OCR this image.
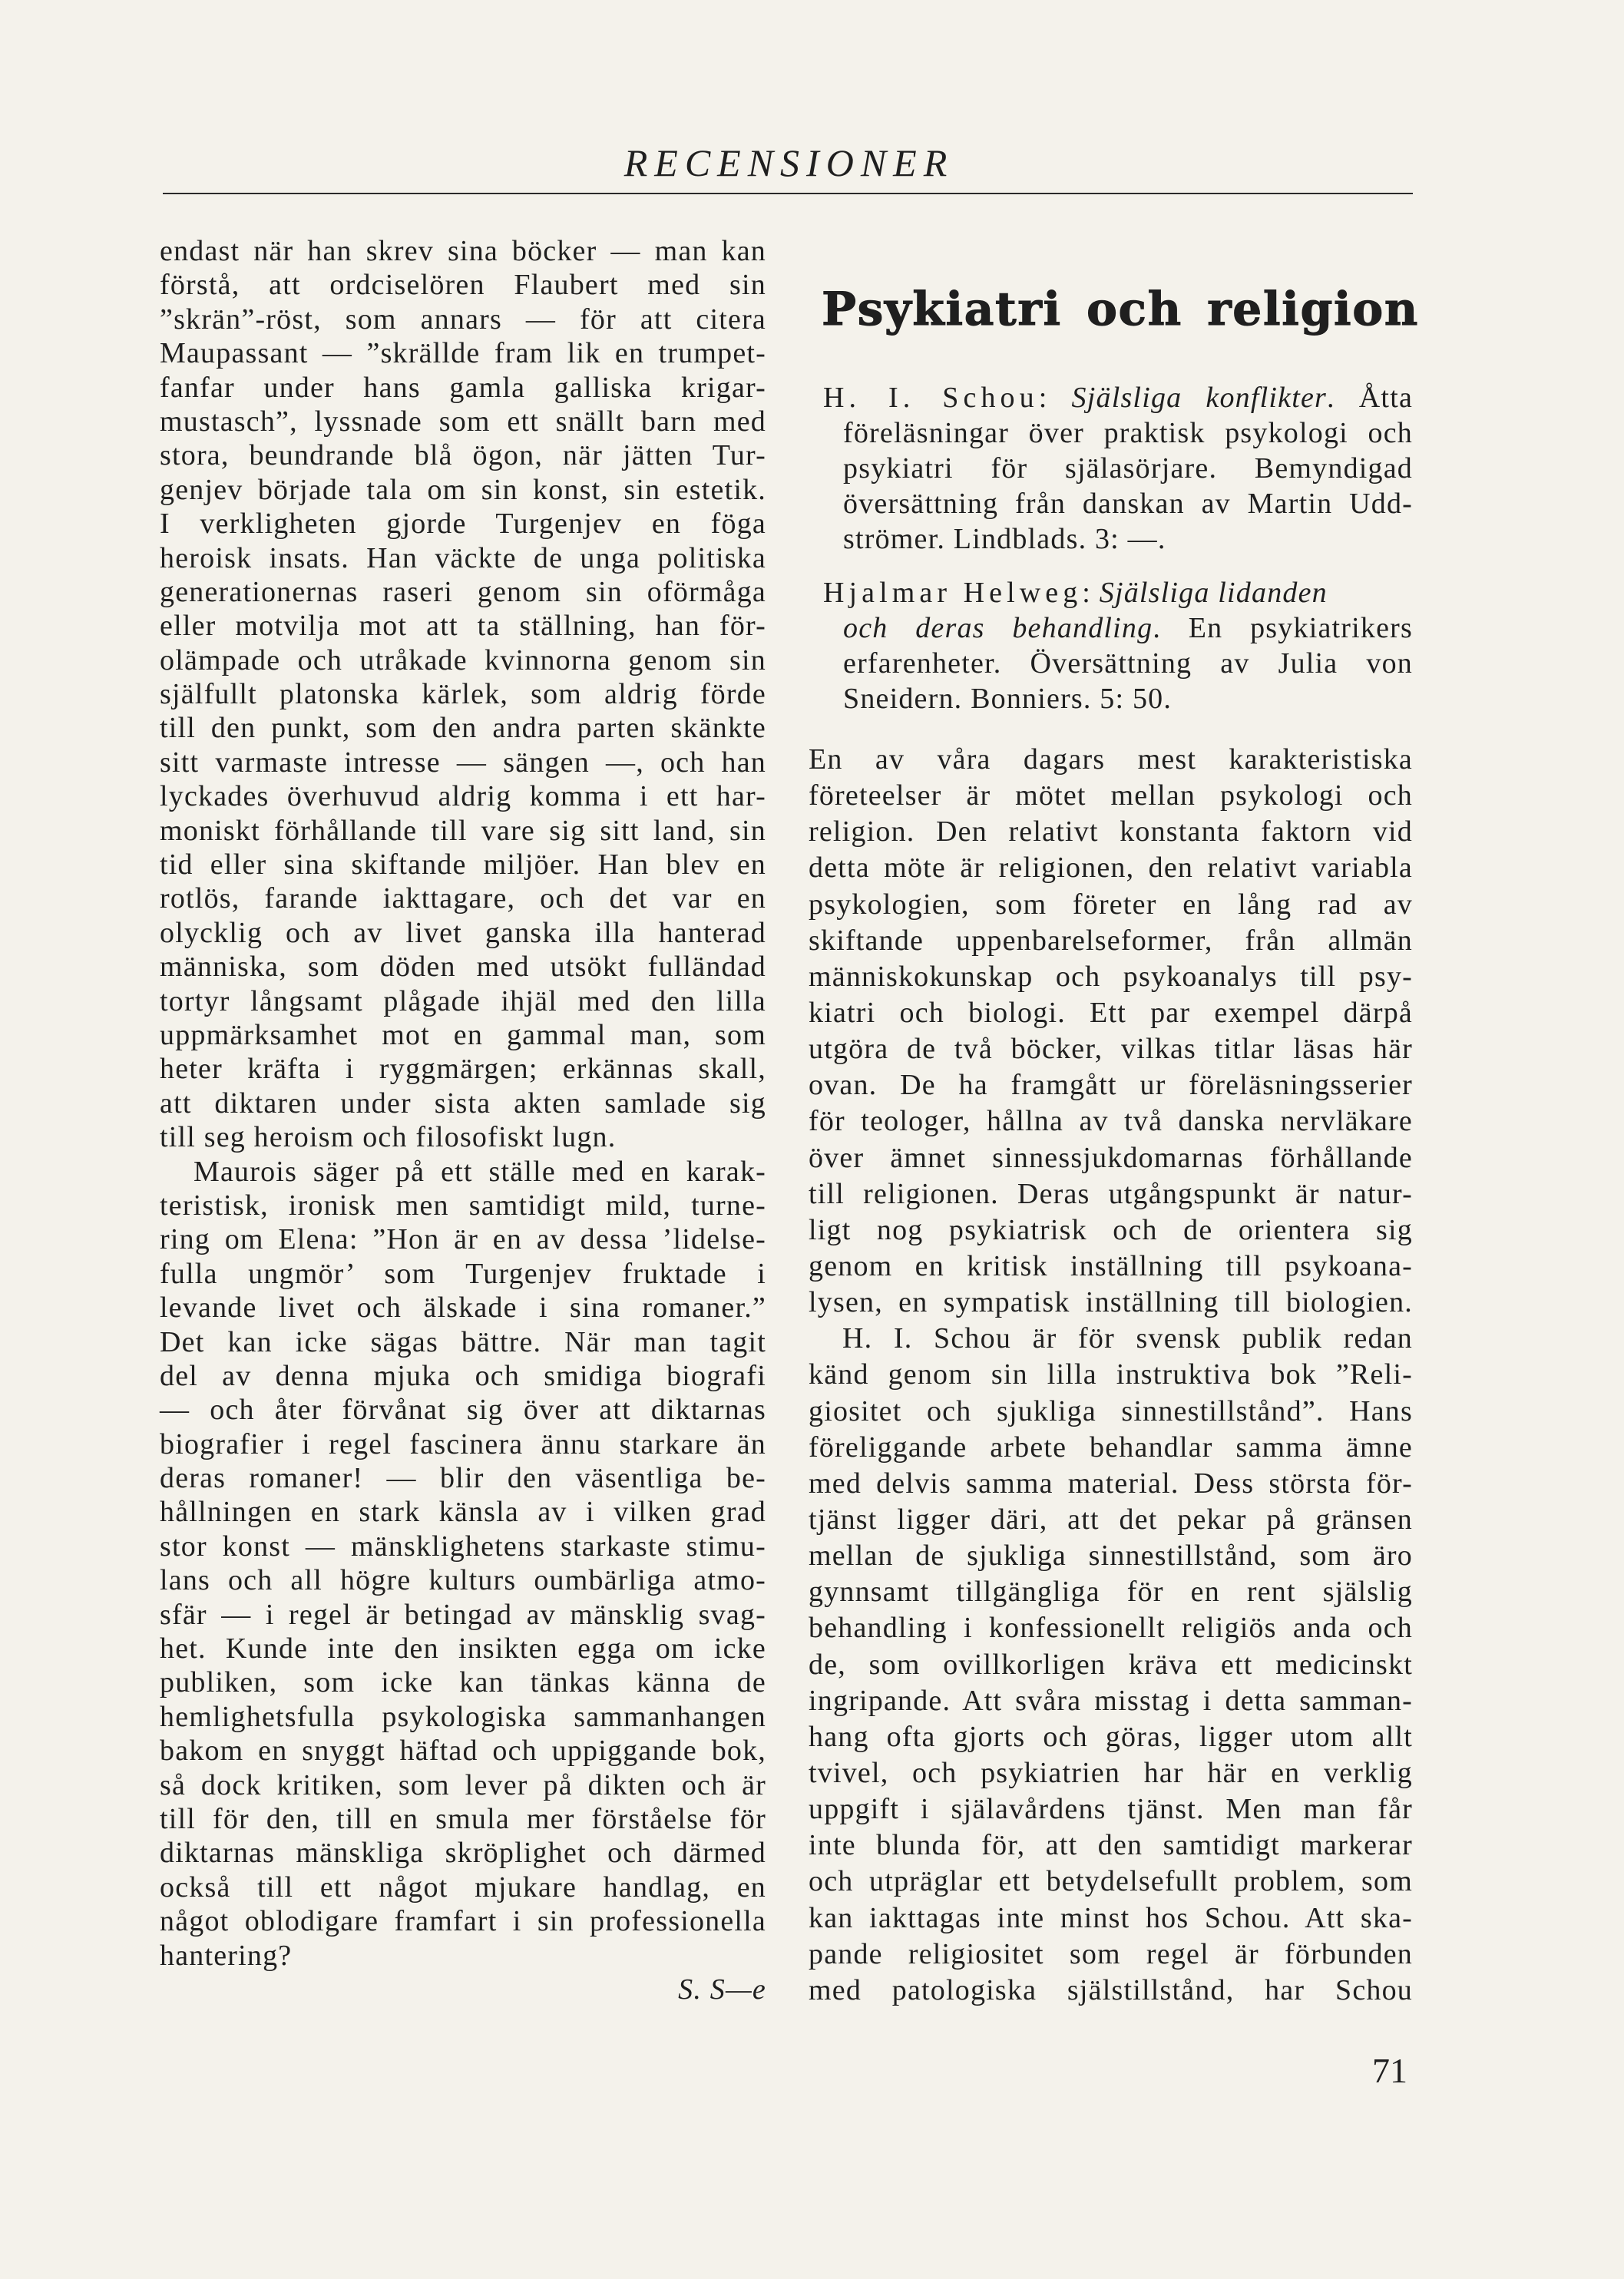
RECENSIONER
endast när han skrev sina böcker — man kan
förstå, att ordciselören Flaubert med sin
”skrän”-röst, som annars — för att citera
Maupassant — ”skrällde fram lik en trumpet-
fanfar under hans gamla galliska krigar-
mustasch”, lyssnade som ett snällt barn med
stora, beundrande blå ögon, när jätten Tur-
genjev började tala om sin konst, sin estetik.
I verkligheten gjorde Turgenjev en föga
heroisk insats. Han väckte de unga politiska
generationernas raseri genom sin oförmåga
eller motvilja mot att ta ställning, han för-
olämpade och utråkade kvinnorna genom sin
själfullt platonska kärlek, som aldrig förde
till den punkt, som den andra parten skänkte
sitt varmaste intresse — sängen —, och han
lyckades överhuvud aldrig komma i ett har-
moniskt förhållande till vare sig sitt land, sin
tid eller sina skiftande miljöer. Han blev en
rotlös, farande iakttagare, och det var en
olycklig och av livet ganska illa hanterad
människa, som döden med utsökt fulländad
tortyr långsamt plågade ihjäl med den lilla
uppmärksamhet mot en gammal man, som
heter kräfta i ryggmärgen; erkännas skall,
att diktaren under sista akten samlade sig
till seg heroism och filosofiskt lugn.
Maurois säger på ett ställe med en karak-
teristisk, ironisk men samtidigt mild, turne-
ring om Elena: ”Hon är en av dessa ’lidelse-
fulla ungmör’ som Turgenjev fruktade i
levande livet och älskade i sina romaner.”
Det kan icke sägas bättre. När man tagit
del av denna mjuka och smidiga biografi
— och åter förvånat sig över att diktarnas
biografier i regel fascinera ännu starkare än
deras romaner! — blir den väsentliga be-
hållningen en stark känsla av i vilken grad
stor konst — mänsklighetens starkaste stimu-
lans och all högre kulturs oumbärliga atmo-
sfär — i regel är betingad av mänsklig svag-
het. Kunde inte den insikten egga om icke
publiken, som icke kan tänkas känna de
hemlighetsfulla psykologiska sammanhangen
bakom en snyggt häftad och uppiggande bok,
så dock kritiken, som lever på dikten och är
till för den, till en smula mer förståelse för
diktarnas mänskliga skröplighet och därmed
också till ett något mjukare handlag, en
något oblodigare framfart i sin professionella
hantering?
S. S—e
Psykiatri och religion
H. I. Schou: Själsliga konflikter. Åtta
föreläsningar över praktisk psykologi och
psykiatri för själasörjare. Bemyndigad
översättning från danskan av Martin Udd-
strömer. Lindblads. 3: —.
Hjalmar Helweg: Själsliga lidanden
och deras behandling. En psykiatrikers
erfarenheter. Översättning av Julia von
Sneidern. Bonniers. 5: 50.
En av våra dagars mest karakteristiska
företeelser är mötet mellan psykologi och
religion. Den relativt konstanta faktorn vid
detta möte är religionen, den relativt variabla
psykologien, som företer en lång rad av
skiftande uppenbarelseformer, från allmän
människokunskap och psykoanalys till psy-
kiatri och biologi. Ett par exempel därpå
utgöra de två böcker, vilkas titlar läsas här
ovan. De ha framgått ur föreläsningsserier
för teologer, hållna av två danska nervläkare
över ämnet sinnessjukdomarnas förhållande
till religionen. Deras utgångspunkt är natur-
ligt nog psykiatrisk och de orientera sig
genom en kritisk inställning till psykoana-
lysen, en sympatisk inställning till biologien.
H. I. Schou är för svensk publik redan
känd genom sin lilla instruktiva bok ”Reli-
giositet och sjukliga sinnestillstånd”. Hans
föreliggande arbete behandlar samma ämne
med delvis samma material. Dess största för-
tjänst ligger däri, att det pekar på gränsen
mellan de sjukliga sinnestillstånd, som äro
gynnsamt tillgängliga för en rent själslig
behandling i konfessionellt religiös anda och
de, som ovillkorligen kräva ett medicinskt
ingripande. Att svåra misstag i detta samman-
hang ofta gjorts och göras, ligger utom allt
tvivel, och psykiatrien har här en verklig
uppgift i själavårdens tjänst. Men man får
inte blunda för, att den samtidigt markerar
och utpräglar ett betydelsefullt problem, som
kan iakttagas inte minst hos Schou. Att ska-
pande religiositet som regel är förbunden
med patologiska själstillstånd, har Schou
71
